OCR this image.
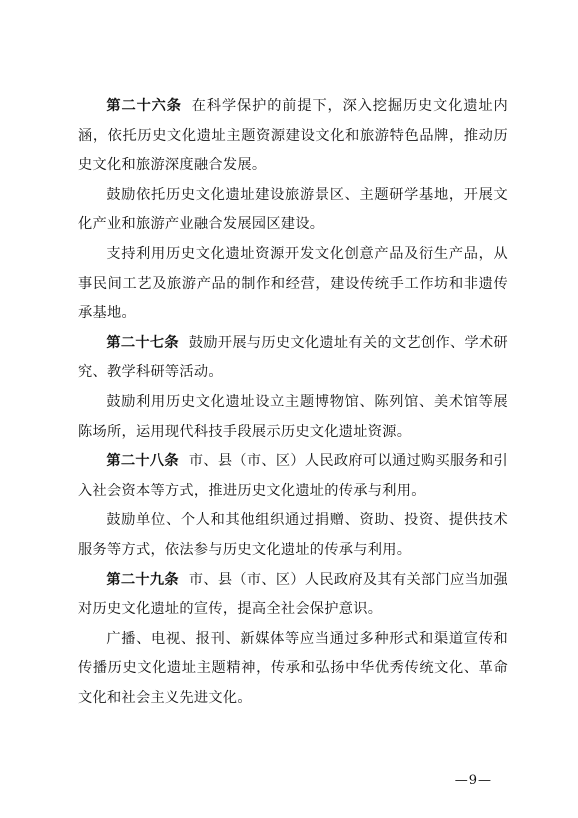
第二十六条 在科学保护的前提下，深入挖掘历史文化遗址内涵，依托历史文化遗址主题资源建设文化和旅游特色品牌，推动历史文化和旅游深度融合发展。

鼓励依托历史文化遗址建设旅游景区、主题研学基地，开展文化产业和旅游产业融合发展园区建设。

支持利用历史文化遗址资源开发文化创意产品及衍生产品，从事民间工艺及旅游产品的制作和经营，建设传统手工作坊和非遗传承基地。

第二十七条 鼓励开展与历史文化遗址有关的文艺创作、学术研究、教学科研等活动。

鼓励利用历史文化遗址设立主题博物馆、陈列馆、美术馆等展陈场所，运用现代科技手段展示历史文化遗址资源。

第二十八条 市、县（市、区）人民政府可以通过购买服务和引入社会资本等方式，推进历史文化遗址的传承与利用。

鼓励单位、个人和其他组织通过捐赠、资助、投资、提供技术服务等方式，依法参与历史文化遗址的传承与利用。

第二十九条 市、县（市、区）人民政府及其有关部门应当加强对历史文化遗址的宣传，提高全社会保护意识。

广播、电视、报刊、新媒体等应当通过多种形式和渠道宣传和传播历史文化遗址主题精神，传承和弘扬中华优秀传统文化、革命文化和社会主义先进文化。

—9—
